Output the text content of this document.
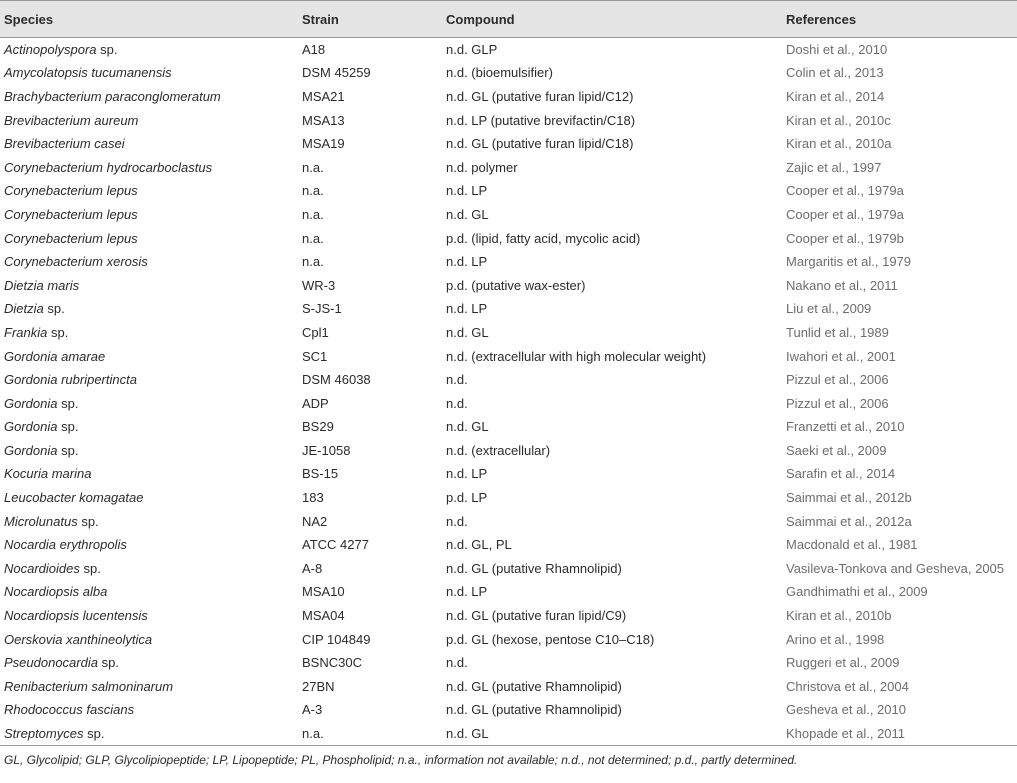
Species	Strain	Compound	References
Actinopolyspora sp.	A18	n.d. GLP	Doshi et al., 2010
Amycolatopsis tucumanensis	DSM 45259	n.d. (bioemulsifier)	Colin et al., 2013
Brachybacterium paraconglomeratum	MSA21	n.d. GL (putative furan lipid/C12)	Kiran et al., 2014
Brevibacterium aureum	MSA13	n.d. LP (putative brevifactin/C18)	Kiran et al., 2010c
Brevibacterium casei	MSA19	n.d. GL (putative furan lipid/C18)	Kiran et al., 2010a
Corynebacterium hydrocarboclastus	n.a.	n.d. polymer	Zajic et al., 1997
Corynebacterium lepus	n.a.	n.d. LP	Cooper et al., 1979a
Corynebacterium lepus	n.a.	n.d. GL	Cooper et al., 1979a
Corynebacterium lepus	n.a.	p.d. (lipid, fatty acid, mycolic acid)	Cooper et al., 1979b
Corynebacterium xerosis	n.a.	n.d. LP	Margaritis et al., 1979
Dietzia maris	WR-3	p.d. (putative wax-ester)	Nakano et al., 2011
Dietzia sp.	S-JS-1	n.d. LP	Liu et al., 2009
Frankia sp.	Cpl1	n.d. GL	Tunlid et al., 1989
Gordonia amarae	SC1	n.d. (extracellular with high molecular weight)	Iwahori et al., 2001
Gordonia rubripertincta	DSM 46038	n.d.	Pizzul et al., 2006
Gordonia sp.	ADP	n.d.	Pizzul et al., 2006
Gordonia sp.	BS29	n.d. GL	Franzetti et al., 2010
Gordonia sp.	JE-1058	n.d. (extracellular)	Saeki et al., 2009
Kocuria marina	BS-15	n.d. LP	Sarafin et al., 2014
Leucobacter komagatae	183	p.d. LP	Saimmai et al., 2012b
Microlunatus sp.	NA2	n.d.	Saimmai et al., 2012a
Nocardia erythropolis	ATCC 4277	n.d. GL, PL	Macdonald et al., 1981
Nocardioides sp.	A-8	n.d. GL (putative Rhamnolipid)	Vasileva-Tonkova and Gesheva, 2005
Nocardiopsis alba	MSA10	n.d. LP	Gandhimathi et al., 2009
Nocardiopsis lucentensis	MSA04	n.d. GL (putative furan lipid/C9)	Kiran et al., 2010b
Oerskovia xanthineolytica	CIP 104849	p.d. GL (hexose, pentose C10–C18)	Arino et al., 1998
Pseudonocardia sp.	BSNC30C	n.d.	Ruggeri et al., 2009
Renibacterium salmoninarum	27BN	n.d. GL (putative Rhamnolipid)	Christova et al., 2004
Rhodococcus fascians	A-3	n.d. GL (putative Rhamnolipid)	Gesheva et al., 2010
Streptomyces sp.	n.a.	n.d. GL	Khopade et al., 2011
GL, Glycolipid; GLP, Glycolipiopeptide; LP, Lipopeptide; PL, Phospholipid; n.a., information not available; n.d., not determined; p.d., partly determined.
